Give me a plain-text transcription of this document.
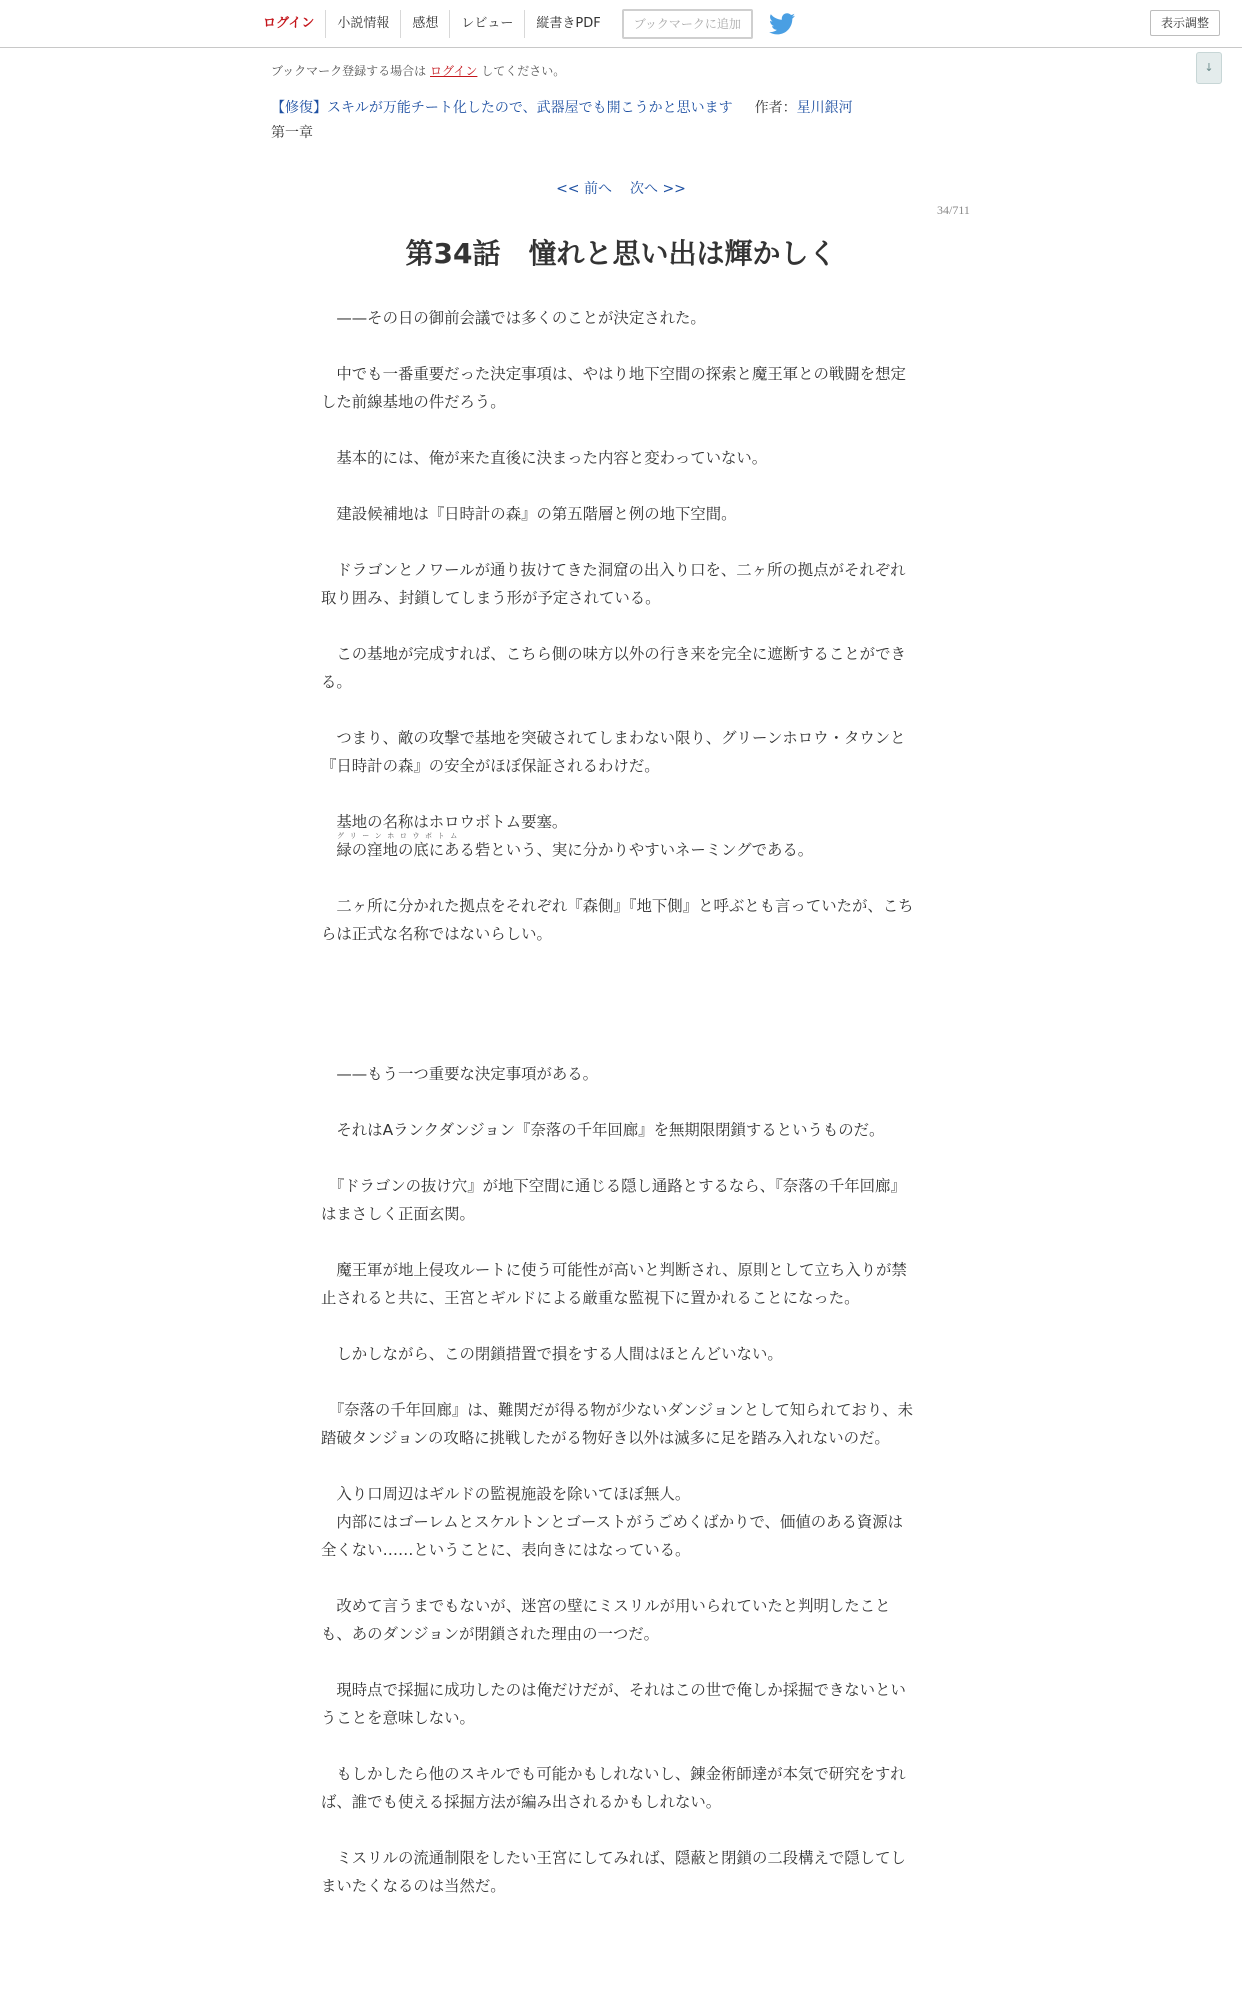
ログイン	小説情報	感想	レビュー	縦書きPDF	ブックマークに追加	表示調整
↓
ブックマーク登録する場合は ログイン してください。
【修復】スキルが万能チート化したので、武器屋でも開こうかと思います 作者：星川銀河
第一章
<< 前へ 次へ >>
34/711
第34話　憧れと思い出は輝かしく

　——その日の御前会議では多くのことが決定された。

　中でも一番重要だった決定事項は、やはり地下空間の探索と魔王軍との戦闘を想定した前線基地の件だろう。

　基本的には、俺が来た直後に決まった内容と変わっていない。

　建設候補地は『日時計の森』の第五階層と例の地下空間。

　ドラゴンとノワールが通り抜けてきた洞窟の出入り口を、二ヶ所の拠点がそれぞれ取り囲み、封鎖してしまう形が予定されている。

　この基地が完成すれば、こちら側の味方以外の行き来を完全に遮断することができる。

　つまり、敵の攻撃で基地を突破されてしまわない限り、グリーンホロウ・タウンと『日時計の森』の安全がほぼ保証されるわけだ。

　基地の名称はホロウボトム要塞。

グリーンホロウボトム
　緑の窪地の底にある砦という、実に分かりやすいネーミングである。

　二ヶ所に分かれた拠点をそれぞれ『森側』『地下側』と呼ぶとも言っていたが、こちらは正式な名称ではないらしい。

　——もう一つ重要な決定事項がある。

　それはAランクダンジョン『奈落の千年回廊』を無期限閉鎖するというものだ。

　『ドラゴンの抜け穴』が地下空間に通じる隠し通路とするなら、『奈落の千年回廊』はまさしく正面玄関。

　魔王軍が地上侵攻ルートに使う可能性が高いと判断され、原則として立ち入りが禁止されると共に、王宮とギルドによる厳重な監視下に置かれることになった。

　しかしながら、この閉鎖措置で損をする人間はほとんどいない。

　『奈落の千年回廊』は、難関だが得る物が少ないダンジョンとして知られており、未踏破タンジョンの攻略に挑戦したがる物好き以外は滅多に足を踏み入れないのだ。

　入り口周辺はギルドの監視施設を除いてほぼ無人。

　内部にはゴーレムとスケルトンとゴーストがうごめくばかりで、価値のある資源は全くない……ということに、表向きにはなっている。

　改めて言うまでもないが、迷宮の壁にミスリルが用いられていたと判明したことも、あのダンジョンが閉鎖された理由の一つだ。

　現時点で採掘に成功したのは俺だけだが、それはこの世で俺しか採掘できないということを意味しない。

　もしかしたら他のスキルでも可能かもしれないし、錬金術師達が本気で研究をすれば、誰でも使える採掘方法が編み出されるかもしれない。

　ミスリルの流通制限をしたい王宮にしてみれば、隠蔽と閉鎖の二段構えで隠してしまいたくなるのは当然だ。
